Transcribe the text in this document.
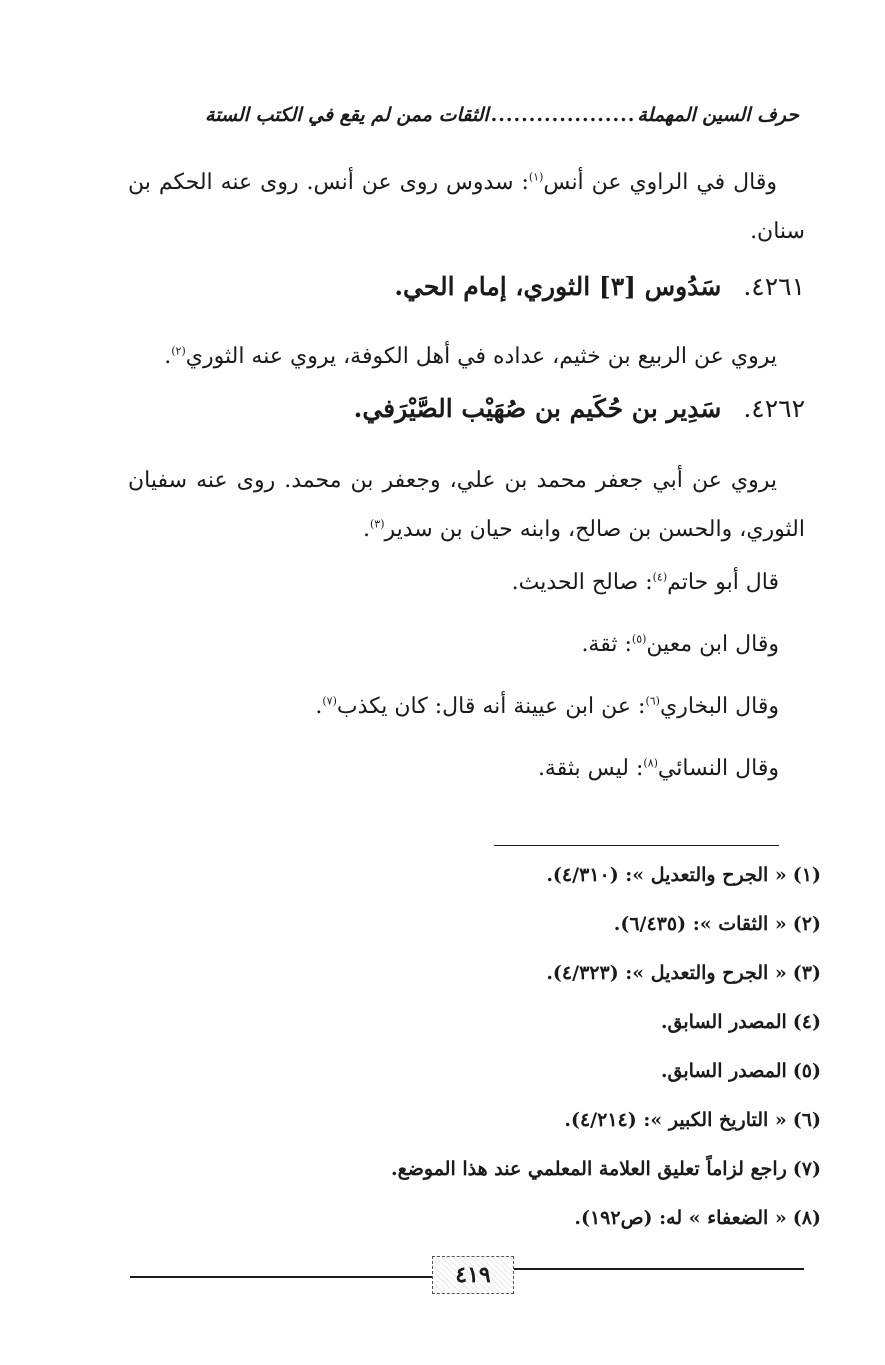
حرف السين المهملة
...................
الثقات ممن لم يقع في الكتب الستة
وقال في الراوي عن أنس$^{(١)}$: سدوس روى عن أنس. روى عنه الحكم بن سنان.
٤٢٦١.سَدُوس [٣] الثوري، إمام الحي.
يروي عن الربيع بن خثيم، عداده في أهل الكوفة، يروي عنه الثوري$^{(٢)}$.
٤٢٦٢.سَدِير بن حُكَيم بن صُهَيْب الصَّيْرَفي.
يروي عن أبي جعفر محمد بن علي، وجعفر بن محمد. روى عنه سفيان الثوري، والحسن بن صالح، وابنه حيان بن سدير$^{(٣)}$.
قال أبو حاتم$^{(٤)}$: صالح الحديث.
وقال ابن معين$^{(٥)}$: ثقة.
وقال البخاري$^{(٦)}$: عن ابن عيينة أنه قال: كان يكذب$^{(٧)}$.
وقال النسائي$^{(٨)}$: ليس بثقة.
(١)« الجرح والتعديل »: (٤/٣١٠).
(٢)« الثقات »: (٦/٤٣٥).
(٣)« الجرح والتعديل »: (٤/٣٢٣).
(٤)المصدر السابق.
(٥)المصدر السابق.
(٦)« التاريخ الكبير »: (٤/٢١٤).
(٧)راجع لزاماً تعليق العلامة المعلمي عند هذا الموضع.
(٨)« الضعفاء » له: (ص١٩٢).
٤١٩
